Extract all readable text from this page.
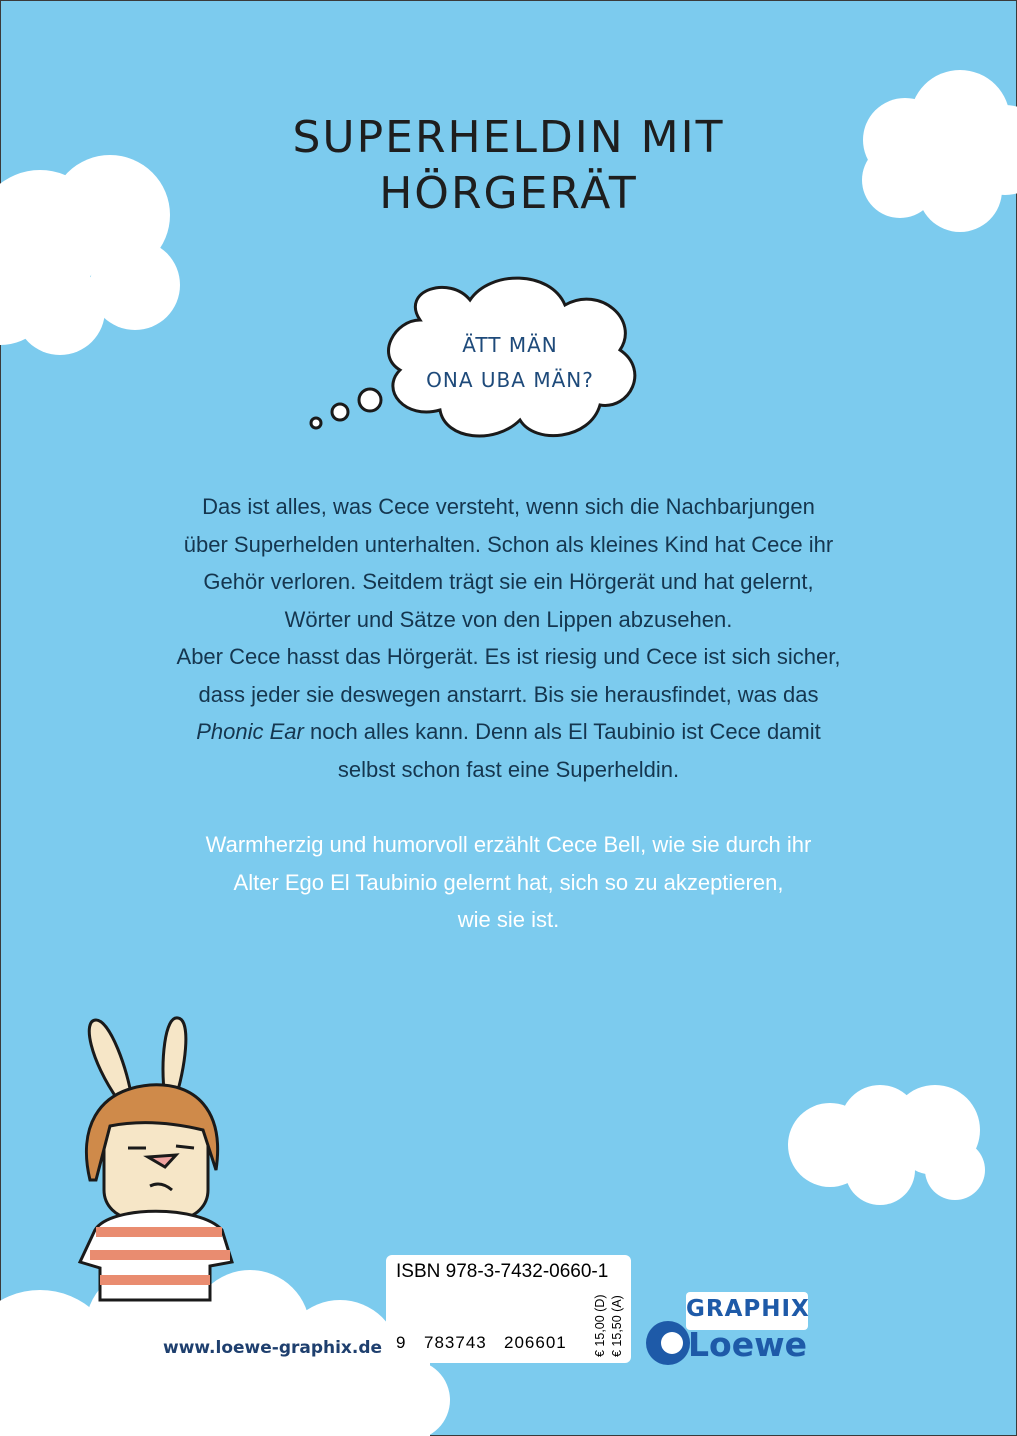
SUPERHELDIN MIT
HÖRGERÄT
ÄTT MÄN
ONA UBA MÄN?

Das ist alles, was Cece versteht, wenn sich die Nachbarjungen
über Superhelden unterhalten. Schon als kleines Kind hat Cece ihr
Gehör verloren. Seitdem trägt sie ein Hörgerät und hat gelernt,
Wörter und Sätze von den Lippen abzusehen.
Aber Cece hasst das Hörgerät. Es ist riesig und Cece ist sich sicher,
dass jeder sie deswegen anstarrt. Bis sie herausfindet, was das
Phonic Ear noch alles kann. Denn als El Taubinio ist Cece damit
selbst schon fast eine Superheldin.

Warmherzig und humorvoll erzählt Cece Bell, wie sie durch ihr
Alter Ego El Taubinio gelernt hat, sich so zu akzeptieren,
wie sie ist.

www.loewe-graphix.de
ISBN 978-3-7432-0660-1
9 783743 206601 € 15,00 (D) € 15,50 (A)	GRAPHIX
Loewe
